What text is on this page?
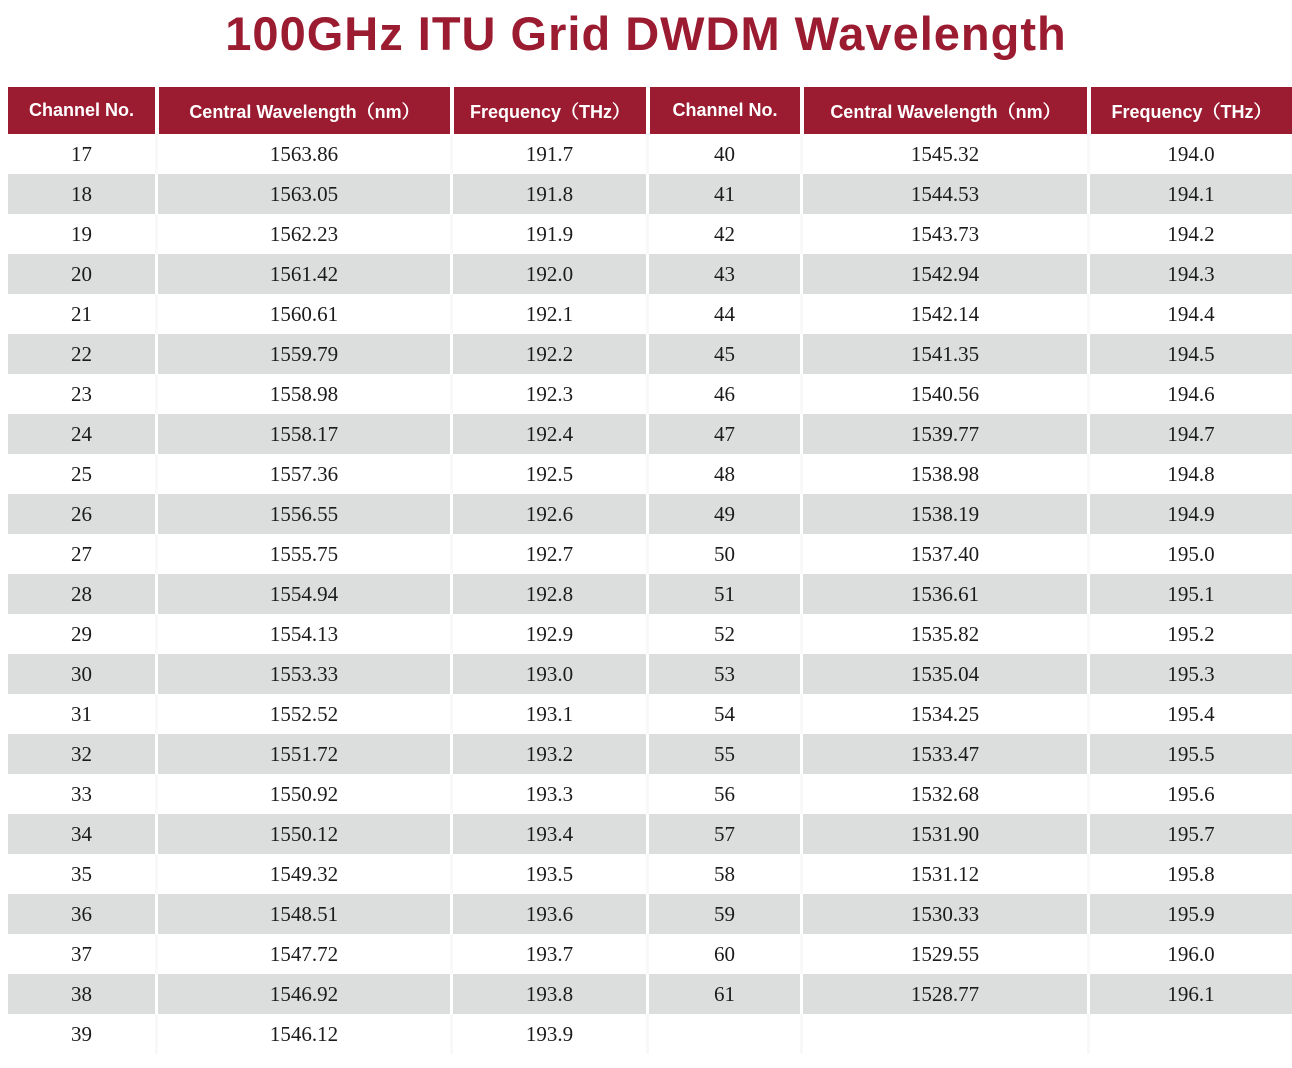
100GHz ITU Grid DWDM Wavelength
Channel No.	Central Wavelength（nm）	Frequency（THz）	Channel No.	Central Wavelength（nm）	Frequency（THz）
17	1563.86	191.7	40	1545.32	194.0
18	1563.05	191.8	41	1544.53	194.1
19	1562.23	191.9	42	1543.73	194.2
20	1561.42	192.0	43	1542.94	194.3
21	1560.61	192.1	44	1542.14	194.4
22	1559.79	192.2	45	1541.35	194.5
23	1558.98	192.3	46	1540.56	194.6
24	1558.17	192.4	47	1539.77	194.7
25	1557.36	192.5	48	1538.98	194.8
26	1556.55	192.6	49	1538.19	194.9
27	1555.75	192.7	50	1537.40	195.0
28	1554.94	192.8	51	1536.61	195.1
29	1554.13	192.9	52	1535.82	195.2
30	1553.33	193.0	53	1535.04	195.3
31	1552.52	193.1	54	1534.25	195.4
32	1551.72	193.2	55	1533.47	195.5
33	1550.92	193.3	56	1532.68	195.6
34	1550.12	193.4	57	1531.90	195.7
35	1549.32	193.5	58	1531.12	195.8
36	1548.51	193.6	59	1530.33	195.9
37	1547.72	193.7	60	1529.55	196.0
38	1546.92	193.8	61	1528.77	196.1
39	1546.12	193.9			
